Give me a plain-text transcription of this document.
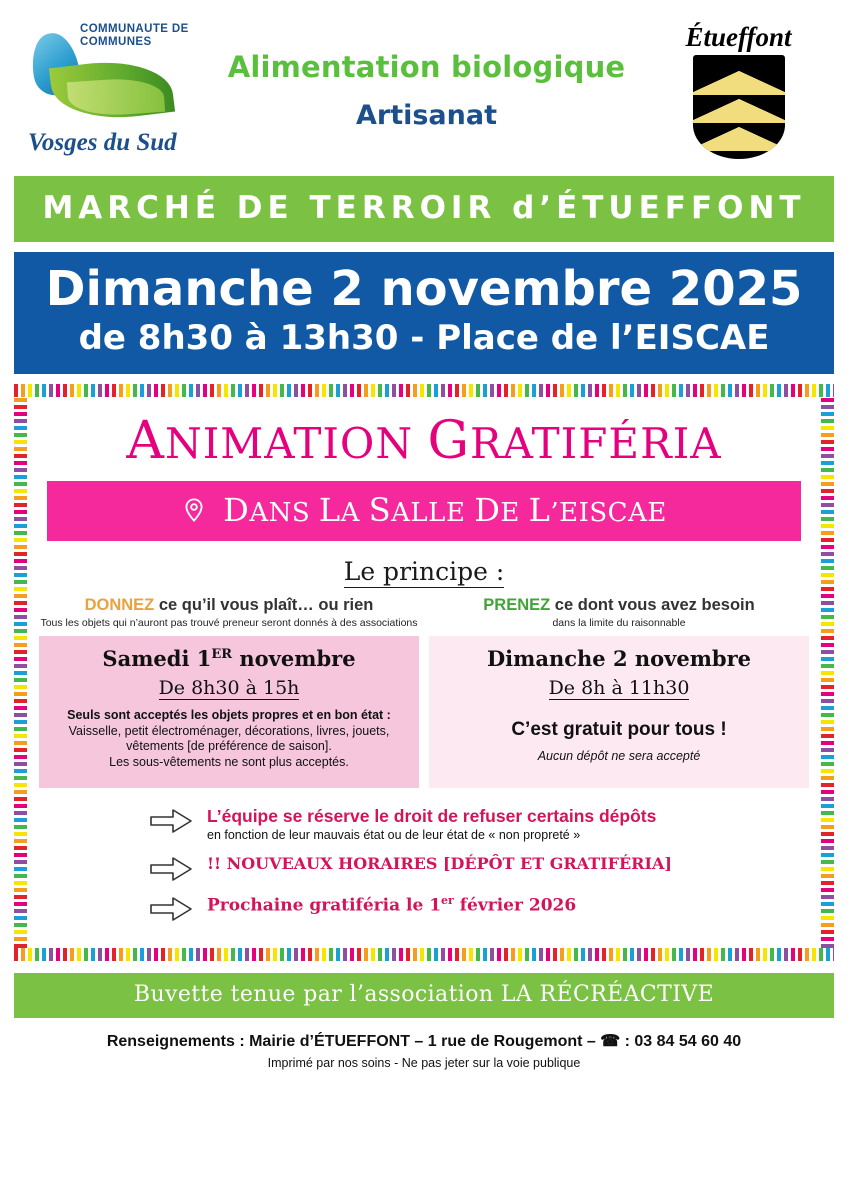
COMMUNAUTE DE COMMUNES
Vosges du Sud
Alimentation biologique
Artisanat
Étueffont
MARCHÉ DE TERROIR d’ÉTUEFFONT
Dimanche 2 novembre 2025
de 8h30 à 13h30 - Place de l’EISCAE
ANIMATION GRATIFÉRIA
DANS LA SALLE DE L’EISCAE
Le principe :
DONNEZ ce qu’il vous plaît… ou rien
Tous les objets qui n’auront pas trouvé preneur seront donnés à des associations
Samedi 1ER novembre
De 8h30 à 15h
Seuls sont acceptés les objets propres et en bon état :
Vaisselle, petit électroménager, décorations, livres, jouets,
vêtements [de préférence de saison].
Les sous-vêtements ne sont plus acceptés.
PRENEZ ce dont vous avez besoin
dans la limite du raisonnable
Dimanche 2 novembre
De 8h à 11h30
C’est gratuit pour tous !
Aucun dépôt ne sera accepté
L’équipe se réserve le droit de refuser certains dépôts
en fonction de leur mauvais état ou de leur état de « non propreté »
!! NOUVEAUX HORAIRES [DÉPÔT ET GRATIFÉRIA]
Prochaine gratiféria le 1er février 2026
Buvette tenue par l’association LA RÉCRÉACTIVE
Renseignements : Mairie d’ÉTUEFFONT – 1 rue de Rougemont – ☎ : 03 84 54 60 40
Imprimé par nos soins - Ne pas jeter sur la voie publique
